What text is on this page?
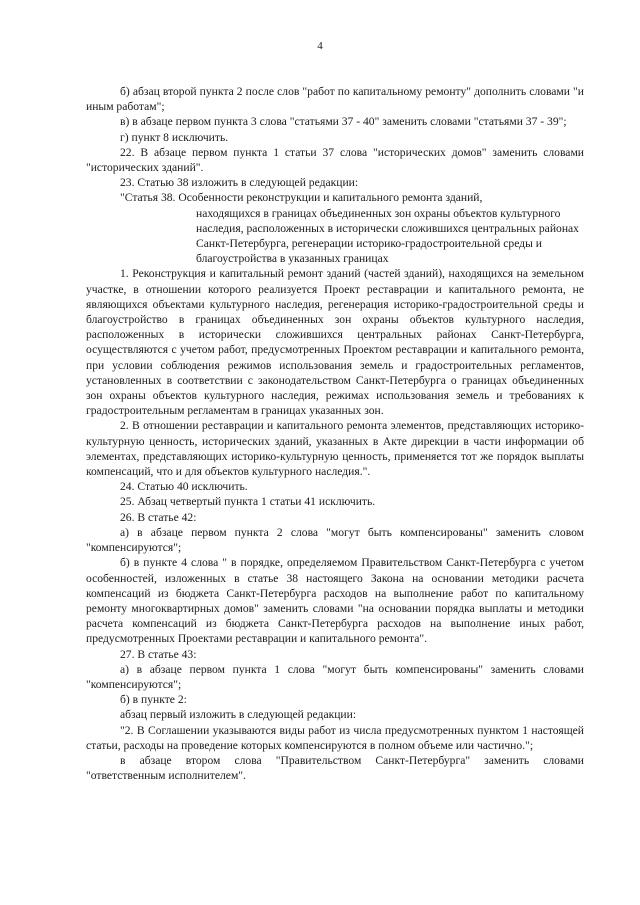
4

б) абзац второй пункта 2 после слов "работ по капитальному ремонту" дополнить словами "и иным работам";

в) в абзаце первом пункта 3 слова "статьями 37 - 40" заменить словами "статьями 37 - 39";

г) пункт 8 исключить.

22. В абзаце первом пункта 1 статьи 37 слова "исторических домов" заменить словами "исторических зданий".

23. Статью 38 изложить в следующей редакции:

"Статья 38. Особенности реконструкции и капитального ремонта зданий,

находящихся в границах объединенных зон охраны объектов культурного наследия, расположенных в исторически сложившихся центральных районах Санкт-Петербурга, регенерации историко-градостроительной среды и благоустройства в указанных границах

1. Реконструкция и капитальный ремонт зданий (частей зданий), находящихся на земельном участке, в отношении которого реализуется Проект реставрации и капитального ремонта, не являющихся объектами культурного наследия, регенерация историко-градостроительной среды и благоустройство в границах объединенных зон охраны объектов культурного наследия, расположенных в исторически сложившихся центральных районах Санкт-Петербурга, осуществляются с учетом работ, предусмотренных Проектом реставрации и капитального ремонта, при условии соблюдения режимов использования земель и градостроительных регламентов, установленных в соответствии с законодательством Санкт-Петербурга о границах объединенных зон охраны объектов культурного наследия, режимах использования земель и требованиях к градостроительным регламентам в границах указанных зон.

2. В отношении реставрации и капитального ремонта элементов, представляющих историко-культурную ценность, исторических зданий, указанных в Акте дирекции в части информации об элементах, представляющих историко-культурную ценность, применяется тот же порядок выплаты компенсаций, что и для объектов культурного наследия.".

24. Статью 40 исключить.

25. Абзац четвертый пункта 1 статьи 41 исключить.

26. В статье 42:

а) в абзаце первом пункта 2 слова "могут быть компенсированы" заменить словом "компенсируются";

б) в пункте 4 слова " в порядке, определяемом Правительством Санкт-Петербурга с учетом особенностей, изложенных в статье 38 настоящего Закона на основании методики расчета компенсаций из бюджета Санкт-Петербурга расходов на выполнение работ по капитальному ремонту многоквартирных домов" заменить словами "на основании порядка выплаты и методики расчета компенсаций из бюджета Санкт-Петербурга расходов на выполнение иных работ, предусмотренных Проектами реставрации и капитального ремонта".

27. В статье 43:

а) в абзаце первом пункта 1 слова "могут быть компенсированы" заменить словами "компенсируются";

б) в пункте 2:

абзац первый изложить в следующей редакции:

"2. В Соглашении указываются виды работ из числа предусмотренных пунктом 1 настоящей статьи, расходы на проведение которых компенсируются в полном объеме или частично.";

в абзаце втором слова "Правительством Санкт-Петербурга" заменить словами "ответственным исполнителем".
